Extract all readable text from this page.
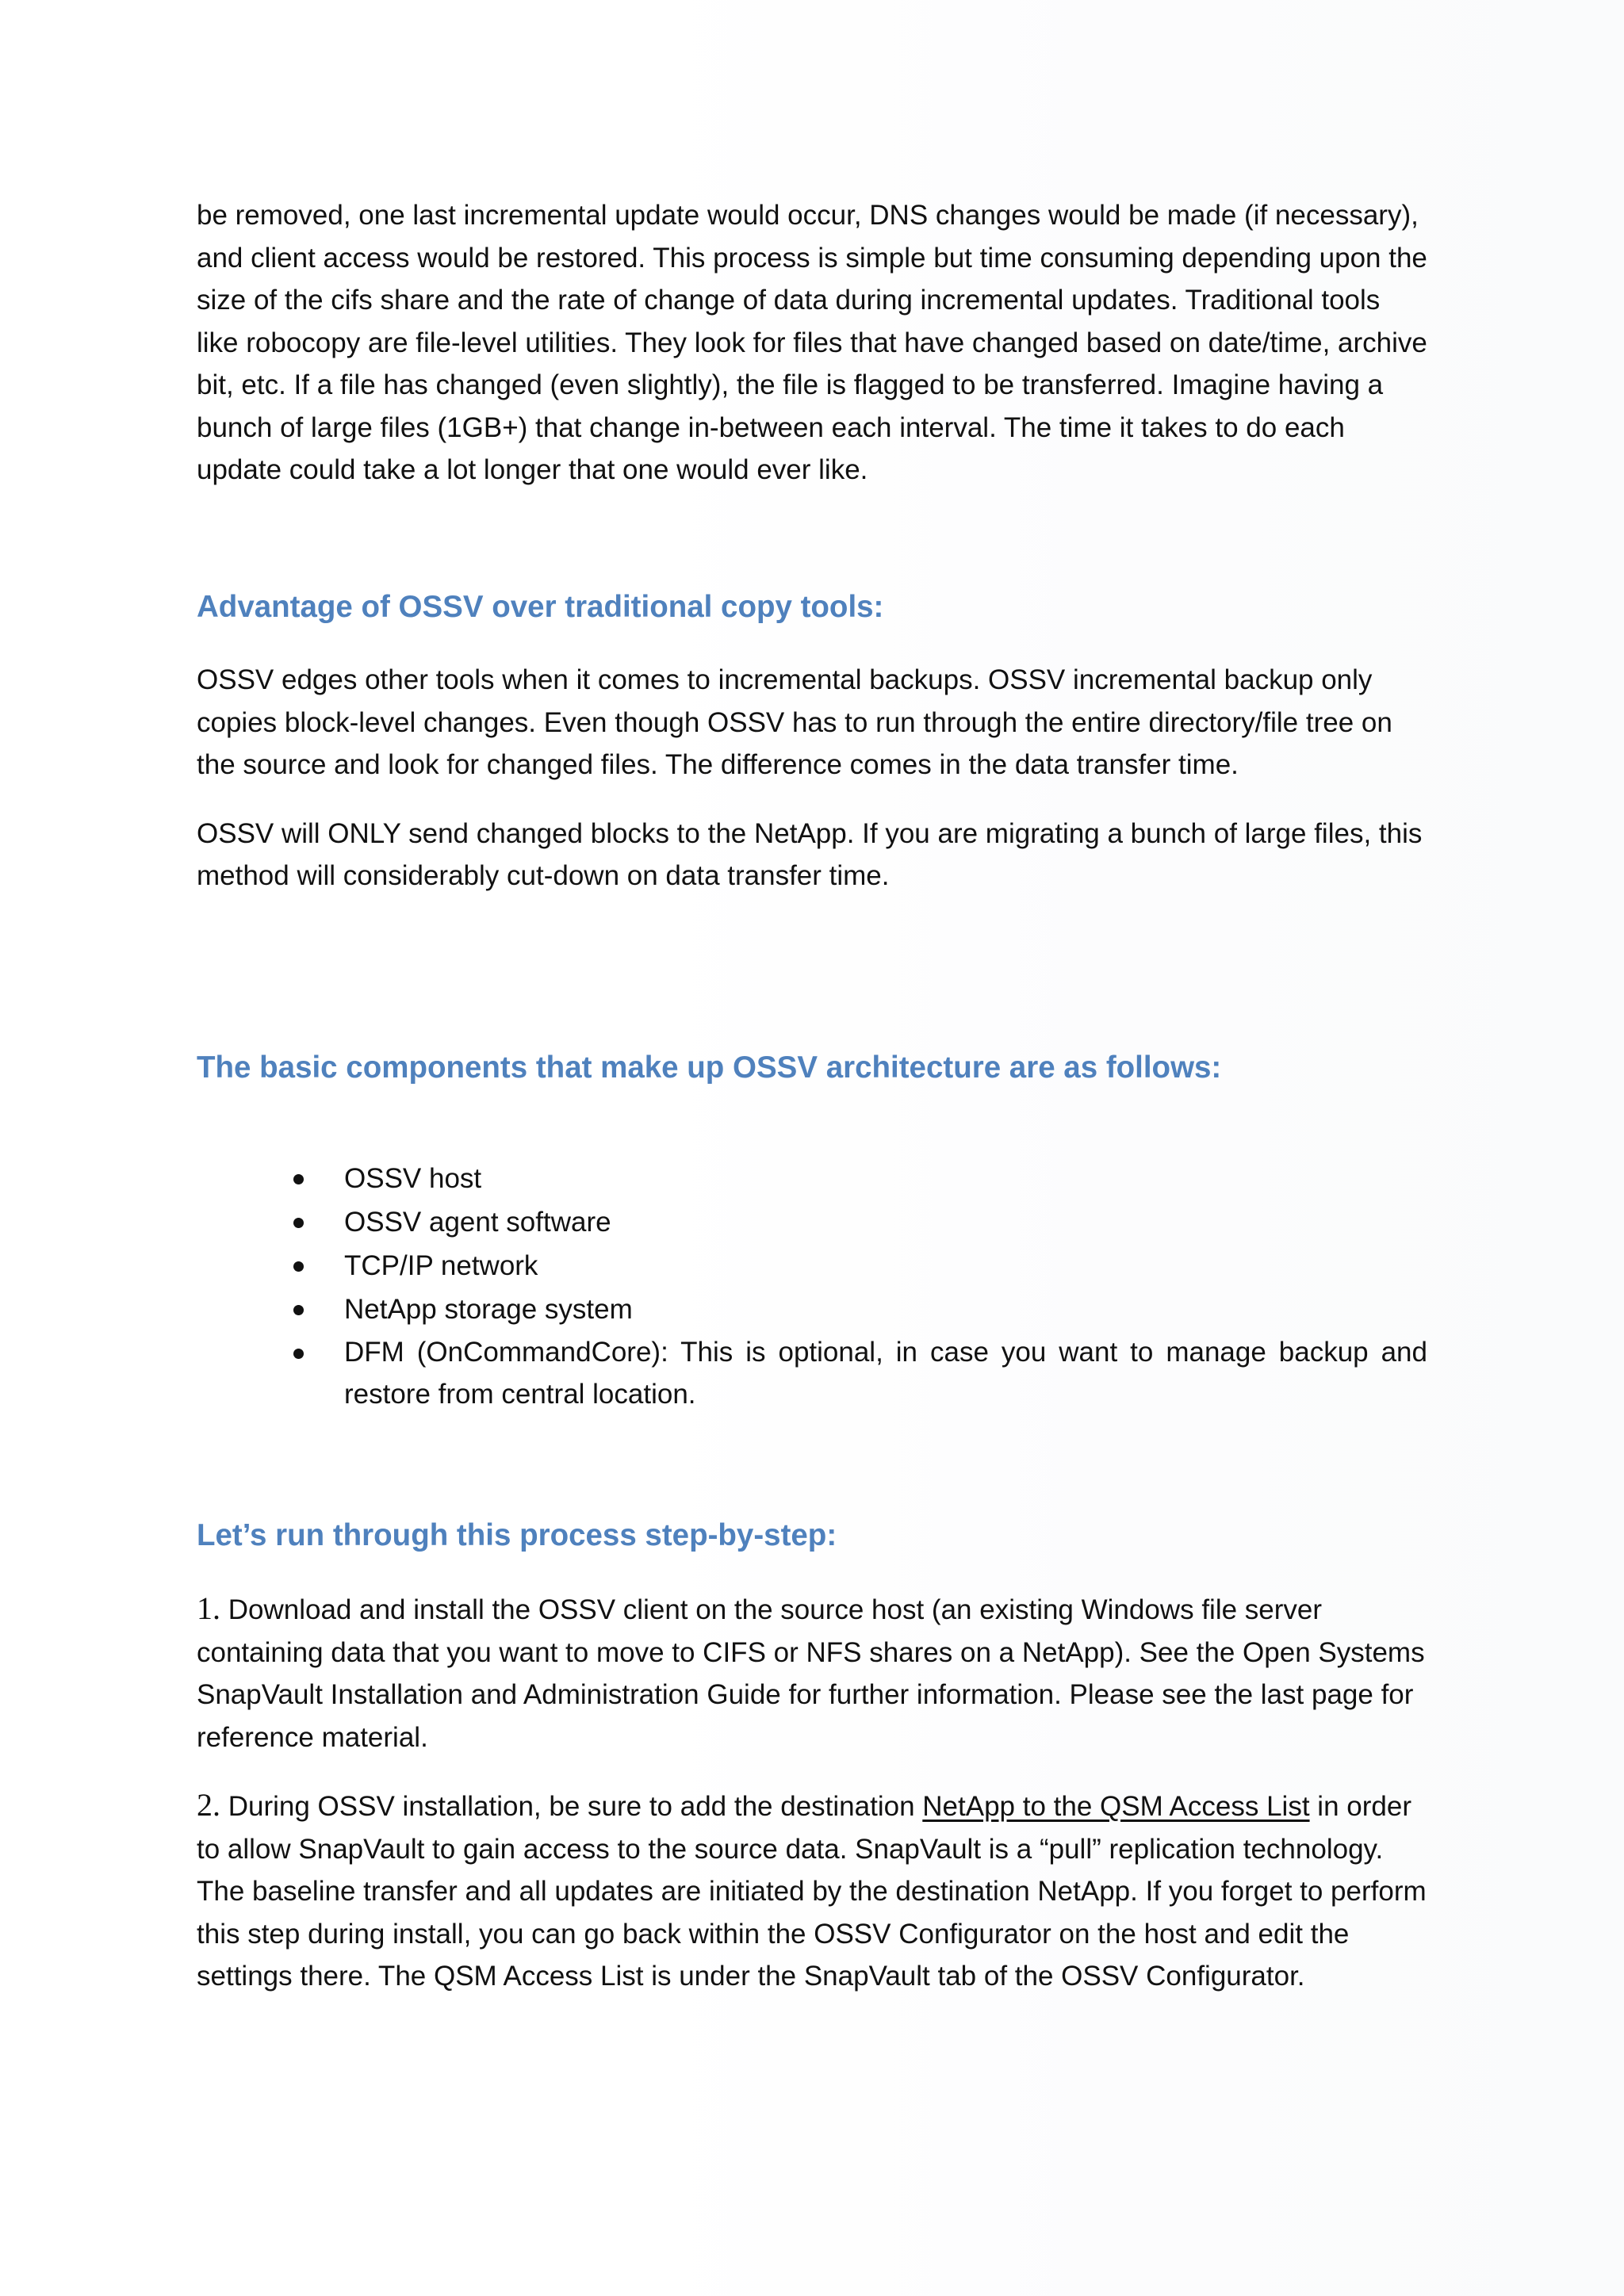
be removed, one last incremental update would occur, DNS changes would be made (if necessary), and client access would be restored. This process is simple but time consuming depending upon the size of the cifs share and the rate of change of data during incremental updates. Traditional tools like robocopy are file-level utilities. They look for files that have changed based on date/time, archive bit, etc. If a file has changed (even slightly), the file is flagged to be transferred. Imagine having a bunch of large files (1GB+) that change in-between each interval. The time it takes to do each update could take a lot longer that one would ever like.

Advantage of OSSV over traditional copy tools:

OSSV edges other tools when it comes to incremental backups. OSSV incremental backup only copies block-level changes. Even though OSSV has to run through the entire directory/file tree on the source and look for changed files. The difference comes in the data transfer time.

OSSV will ONLY send changed blocks to the NetApp. If you are migrating a bunch of large files, this method will considerably cut-down on data transfer time.

The basic components that make up OSSV architecture are as follows:
OSSV host
OSSV agent software
TCP/IP network
NetApp storage system
DFM (OnCommandCore): This is optional, in case you want to manage backup and restore from central location.
Let’s run through this process step-by-step:

1. Download and install the OSSV client on the source host (an existing Windows file server containing data that you want to move to CIFS or NFS shares on a NetApp). See the Open Systems SnapVault Installation and Administration Guide for further information. Please see the last page for reference material.

2. During OSSV installation, be sure to add the destination NetApp to the QSM Access List in order to allow SnapVault to gain access to the source data. SnapVault is a “pull” replication technology. The baseline transfer and all updates are initiated by the destination NetApp. If you forget to perform this step during install, you can go back within the OSSV Configurator on the host and edit the settings there. The QSM Access List is under the SnapVault tab of the OSSV Configurator.
